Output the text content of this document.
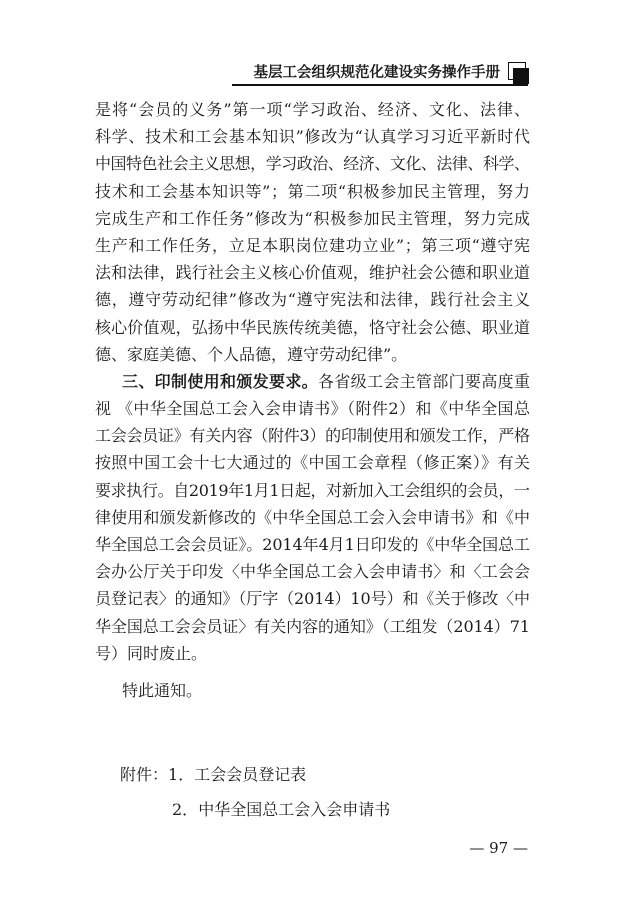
基层工会组织规范化建设实务操作手册
是将“会员的义务”第一项“学习政治、经济、文化、法律、
科学、技术和工会基本知识”修改为“认真学习习近平新时代
中国特色社会主义思想，学习政治、经济、文化、法律、科学、
技术和工会基本知识等”；第二项“积极参加民主管理，努力
完成生产和工作任务”修改为“积极参加民主管理，努力完成
生产和工作任务，立足本职岗位建功立业”；第三项“遵守宪
法和法律，践行社会主义核心价值观，维护社会公德和职业道
德，遵守劳动纪律”修改为“遵守宪法和法律，践行社会主义
核心价值观，弘扬中华民族传统美德，恪守社会公德、职业道
德、家庭美德、个人品德，遵守劳动纪律”。
三、印制使用和颁发要求。各省级工会主管部门要高度重
视 《中华全国总工会入会申请书》（附件2）和《中华全国总
工会会员证》有关内容（附件3）的印制使用和颁发工作，严格
按照中国工会十七大通过的《中国工会章程（修正案）》有关
要求执行。自2019年1月1日起，对新加入工会组织的会员，一
律使用和颁发新修改的《中华全国总工会入会申请书》和《中
华全国总工会会员证》。2014年4月1日印发的《中华全国总工
会办公厅关于印发〈中华全国总工会入会申请书〉和〈工会会
员登记表〉的通知》（厅字（2014）10号）和《关于修改〈中
华全国总工会会员证〉有关内容的通知》（工组发（2014）71
号）同时废止。
特此通知。
附件：1．工会会员登记表
2．中华全国总工会入会申请书
— 97 —
